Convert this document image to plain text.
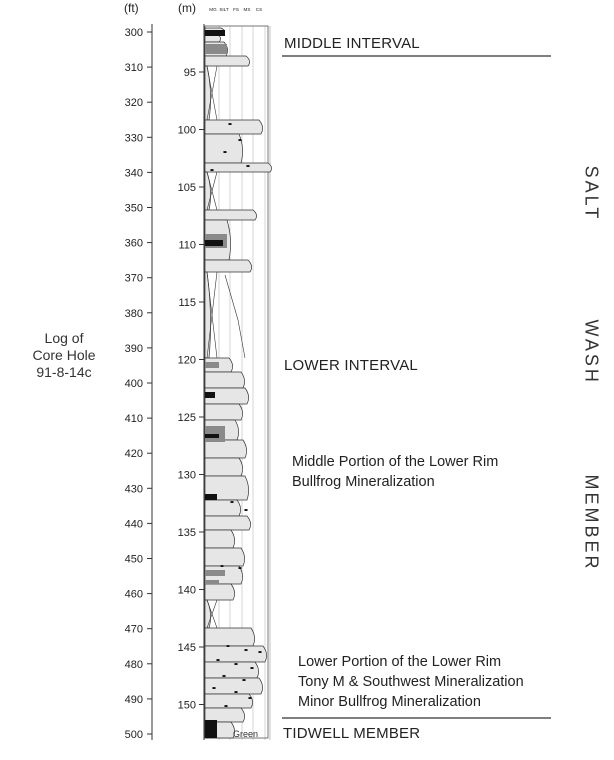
300
310
320
330
340
350
360
370
380
390
400
410
420
430
440
450
460
470
480
490
500
95
100
105
110
115
120
125
130
135
140
145
150
MG SILT FS MS CS
Green
Log of
Core Hole
91-8-14c
(ft)	(m)
MIDDLE INTERVAL
LOWER INTERVAL
Middle Portion of the Lower Rim
Bullfrog Mineralization
Lower Portion of the Lower Rim
Tony M & Southwest Mineralization
Minor Bullfrog Mineralization
TIDWELL MEMBER
SALT
WASH
MEMBER
